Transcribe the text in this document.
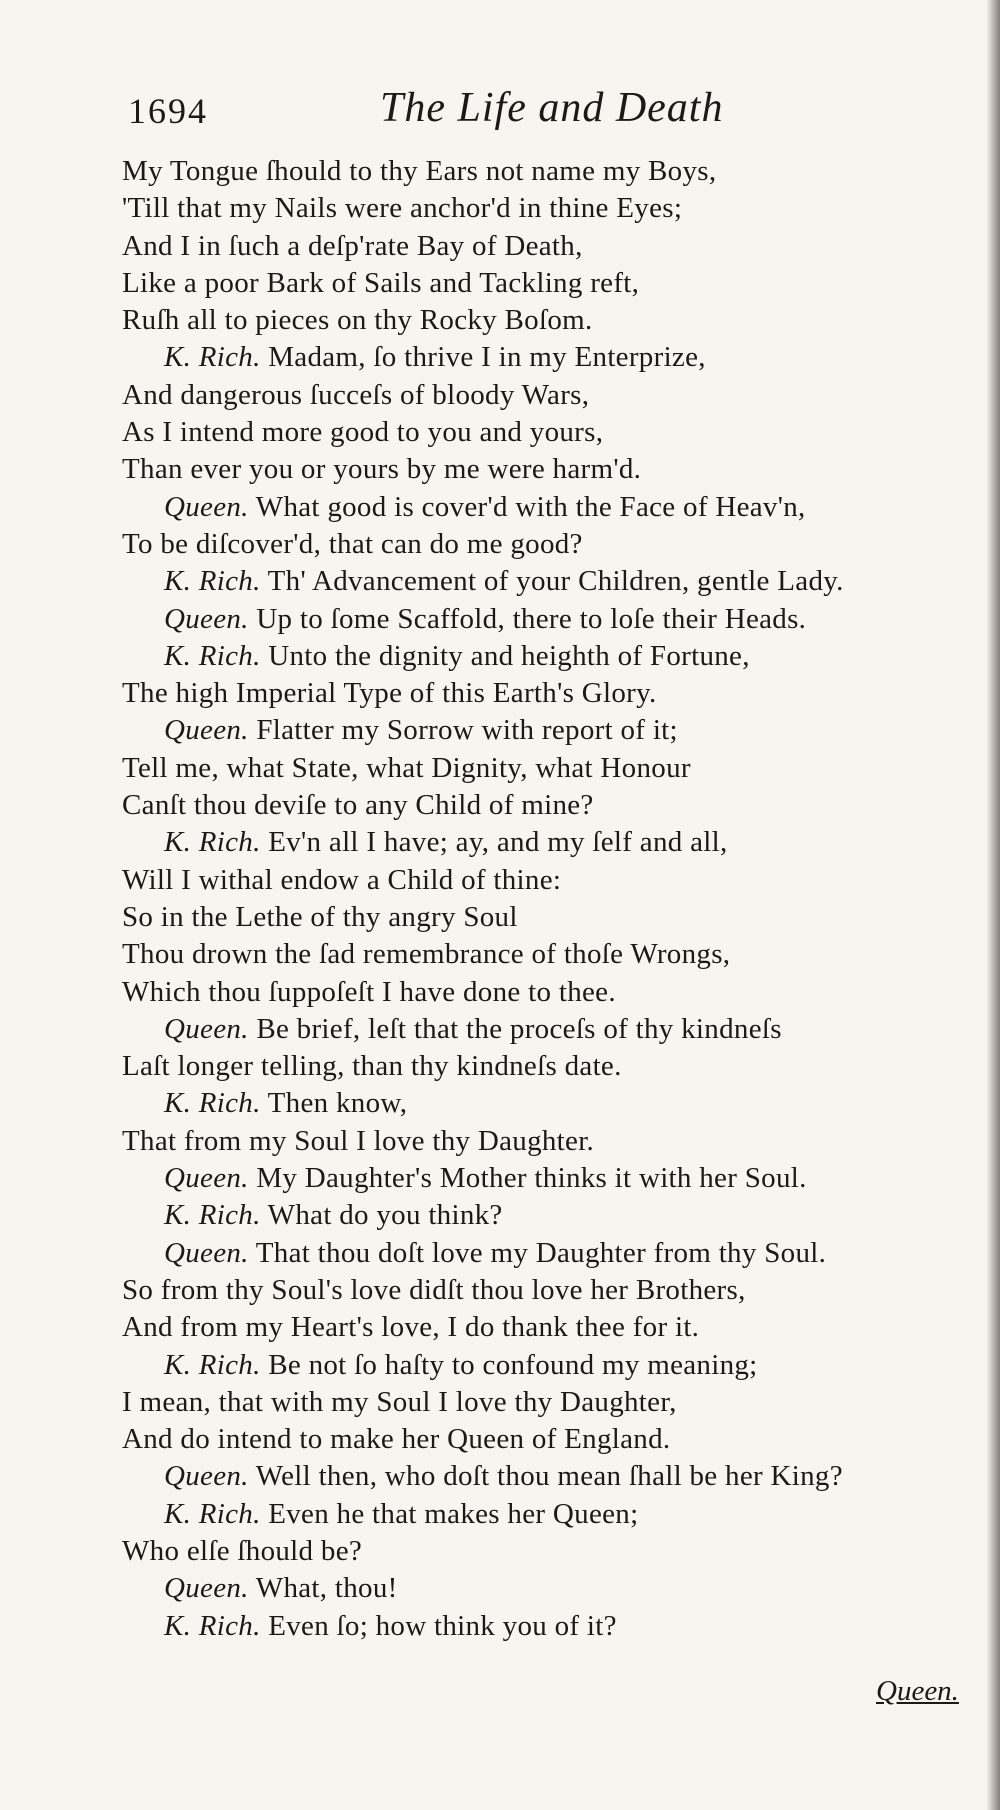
1694	The Life and Death
My Tongue ſhould to thy Ears not name my Boys,
'Till that my Nails were anchor'd in thine Eyes;
And I in ſuch a deſp'rate Bay of Death,
Like a poor Bark of Sails and Tackling reft,
Ruſh all to pieces on thy Rocky Boſom.
K. Rich. Madam, ſo thrive I in my Enterprize,
And dangerous ſucceſs of bloody Wars,
As I intend more good to you and yours,
Than ever you or yours by me were harm'd.
Queen. What good is cover'd with the Face of Heav'n,
To be diſcover'd, that can do me good?
K. Rich. Th' Advancement of your Children, gentle Lady.
Queen. Up to ſome Scaffold, there to loſe their Heads.
K. Rich. Unto the dignity and heighth of Fortune,
The high Imperial Type of this Earth's Glory.
Queen. Flatter my Sorrow with report of it;
Tell me, what State, what Dignity, what Honour
Canſt thou deviſe to any Child of mine?
K. Rich. Ev'n all I have; ay, and my ſelf and all,
Will I withal endow a Child of thine:
So in the Lethe of thy angry Soul
Thou drown the ſad remembrance of thoſe Wrongs,
Which thou ſuppoſeſt I have done to thee.
Queen. Be brief, leſt that the proceſs of thy kindneſs
Laſt longer telling, than thy kindneſs date.
K. Rich. Then know,
That from my Soul I love thy Daughter.
Queen. My Daughter's Mother thinks it with her Soul.
K. Rich. What do you think?
Queen. That thou doſt love my Daughter from thy Soul.
So from thy Soul's love didſt thou love her Brothers,
And from my Heart's love, I do thank thee for it.
K. Rich. Be not ſo haſty to confound my meaning;
I mean, that with my Soul I love thy Daughter,
And do intend to make her Queen of England.
Queen. Well then, who doſt thou mean ſhall be her King?
K. Rich. Even he that makes her Queen;
Who elſe ſhould be?
Queen. What, thou!
K. Rich. Even ſo; how think you of it?
Queen.
